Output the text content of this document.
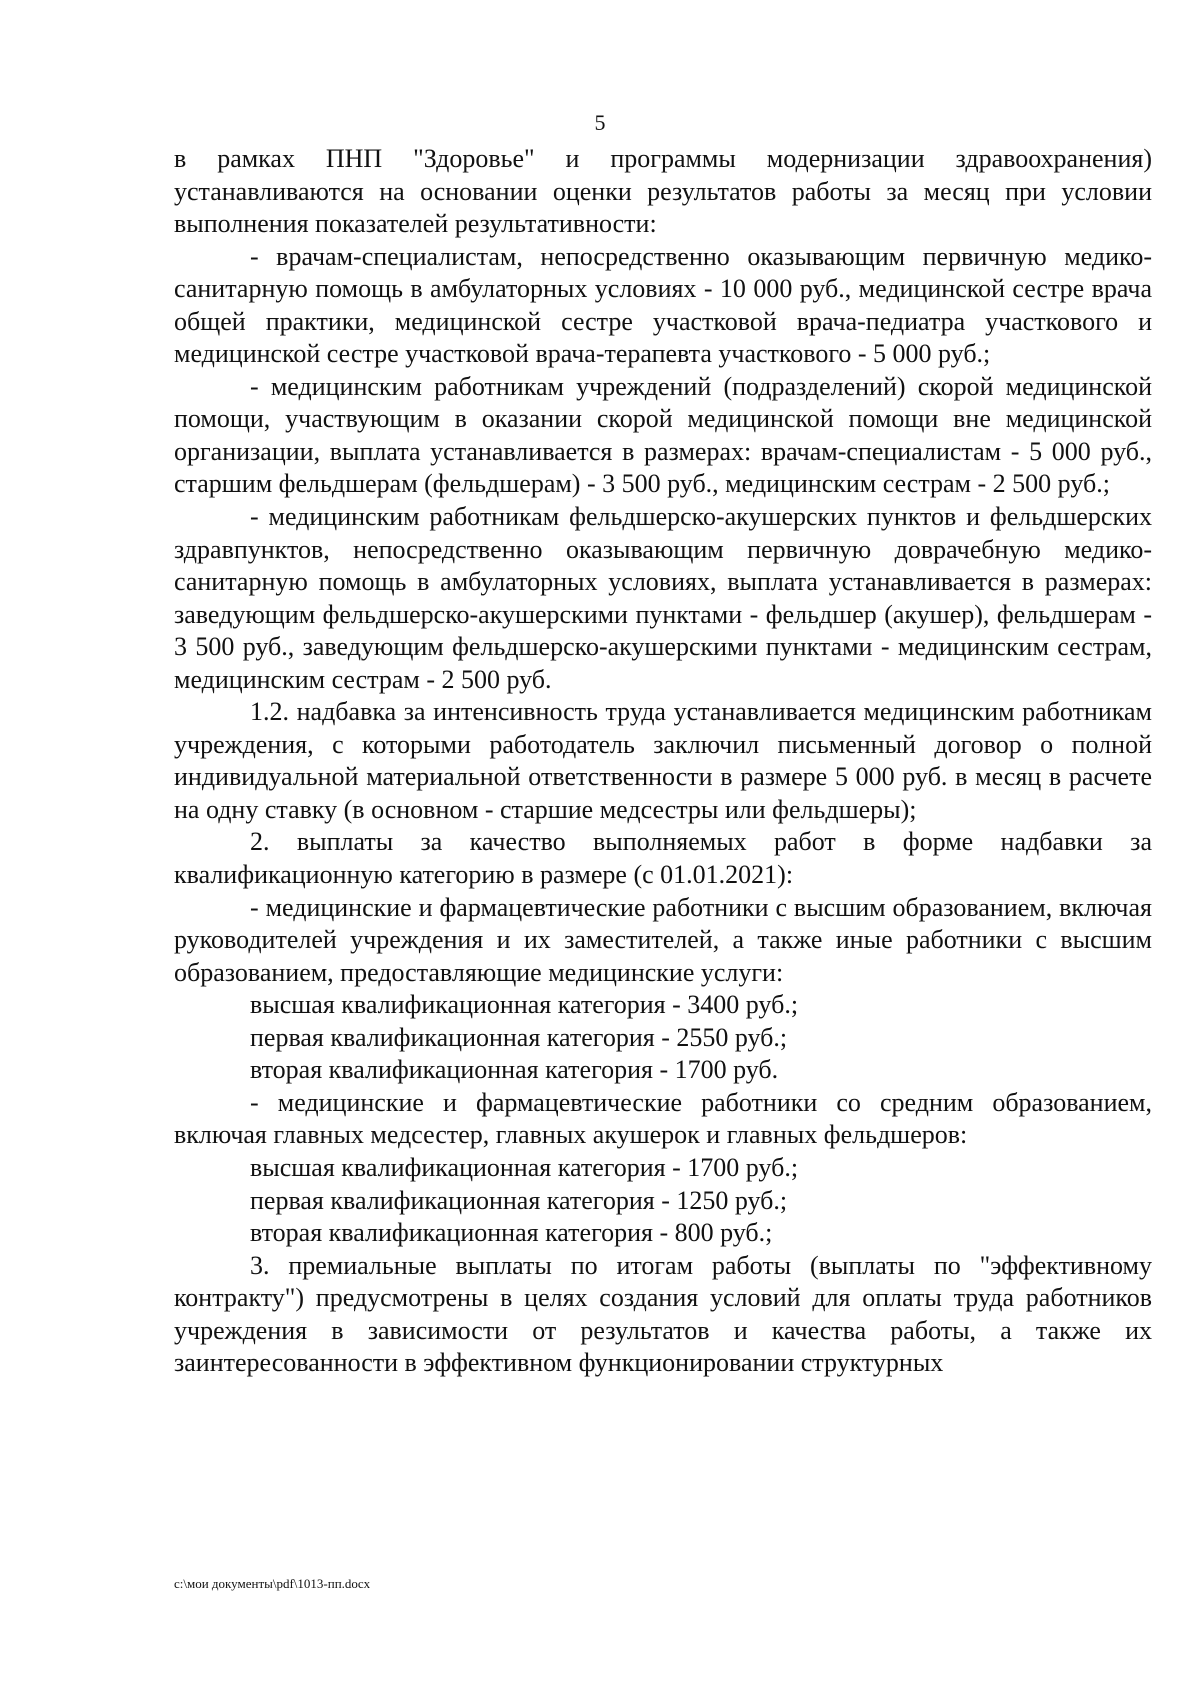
5

в рамках ПНП "Здоровье" и программы модернизации здравоохранения) устанавливаются на основании оценки результатов работы за месяц при условии выполнения показателей результативности:

- врачам-специалистам, непосредственно оказывающим первичную медико-санитарную помощь в амбулаторных условиях - 10 000 руб., медицинской сестре врача общей практики, медицинской сестре участковой врача-педиатра участкового и медицинской сестре участковой врача-терапевта участкового - 5 000 руб.;

- медицинским работникам учреждений (подразделений) скорой медицинской помощи, участвующим в оказании скорой медицинской помощи вне медицинской организации, выплата устанавливается в размерах: врачам-специалистам - 5 000 руб., старшим фельдшерам (фельдшерам) - 3 500 руб., медицинским сестрам - 2 500 руб.;

- медицинским работникам фельдшерско-акушерских пунктов и фельдшерских здравпунктов, непосредственно оказывающим первичную доврачебную медико-санитарную помощь в амбулаторных условиях, выплата устанавливается в размерах: заведующим фельдшерско-акушерскими пунктами - фельдшер (акушер), фельдшерам - 3 500 руб., заведующим фельдшерско-акушерскими пунктами - медицинским сестрам, медицинским сестрам - 2 500 руб.

1.2. надбавка за интенсивность труда устанавливается медицинским работникам учреждения, с которыми работодатель заключил письменный договор о полной индивидуальной материальной ответственности в размере 5 000 руб. в месяц в расчете на одну ставку (в основном - старшие медсестры или фельдшеры);

2. выплаты за качество выполняемых работ в форме надбавки за квалификационную категорию в размере (с 01.01.2021):

- медицинские и фармацевтические работники с высшим образованием, включая руководителей учреждения и их заместителей, а также иные работники с высшим образованием, предоставляющие медицинские услуги:

высшая квалификационная категория - 3400 руб.;

первая квалификационная категория - 2550 руб.;

вторая квалификационная категория - 1700 руб.

- медицинские и фармацевтические работники со средним образованием, включая главных медсестер, главных акушерок и главных фельдшеров:

высшая квалификационная категория - 1700 руб.;

первая квалификационная категория - 1250 руб.;

вторая квалификационная категория - 800 руб.;

3. премиальные выплаты по итогам работы (выплаты по "эффективному контракту") предусмотрены в целях создания условий для оплаты труда работников учреждения в зависимости от результатов и качества работы, а также их заинтересованности в эффективном функционировании структурных

c:\мои документы\pdf\1013-пп.docx
